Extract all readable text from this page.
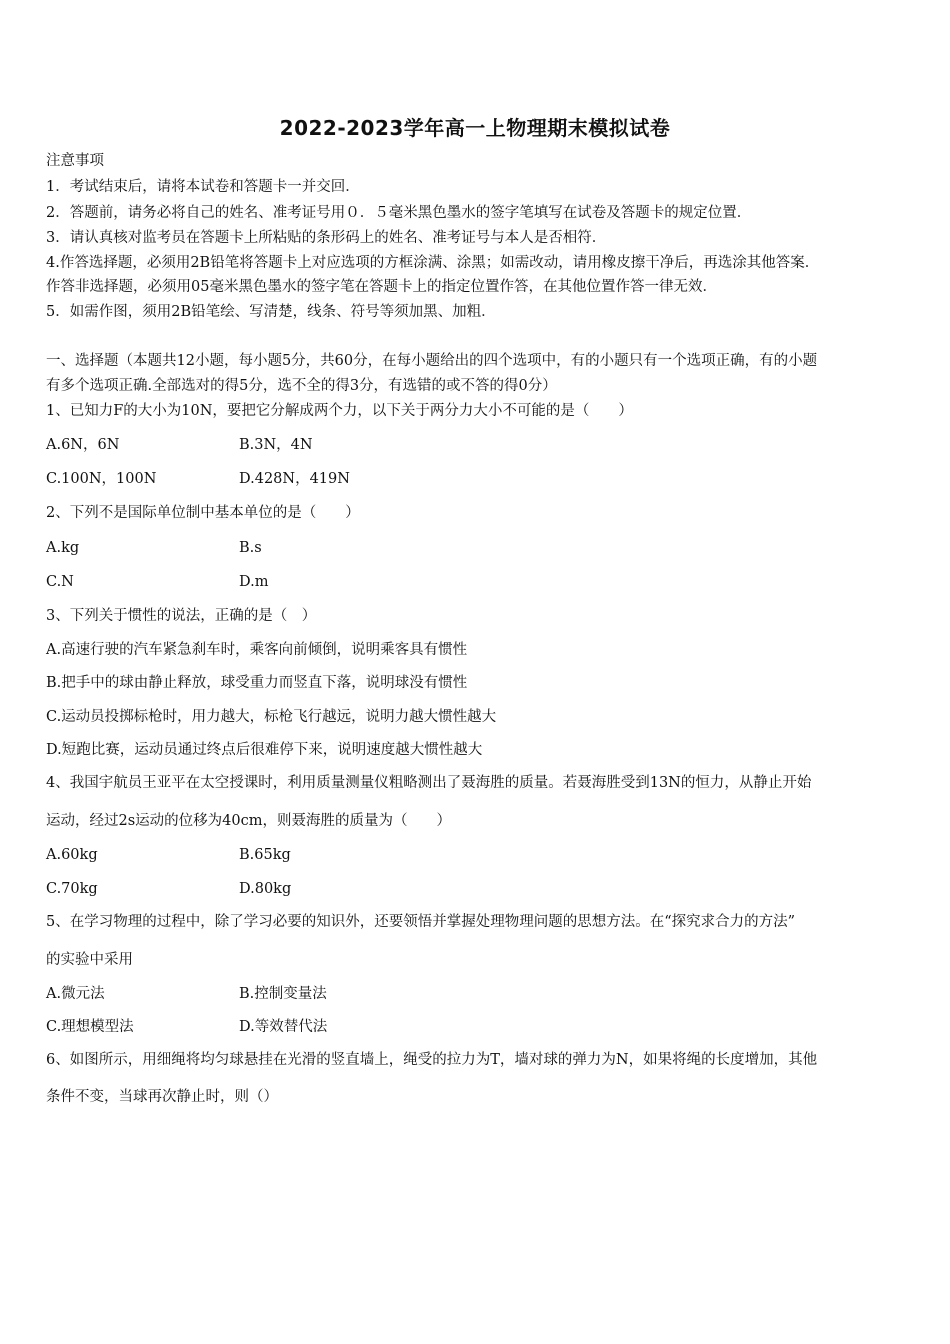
2022-2023学年高一上物理期末模拟试卷
注意事项
1．考试结束后，请将本试卷和答题卡一并交回．
2．答题前，请务必将自己的姓名、准考证号用０．５毫米黑色墨水的签字笔填写在试卷及答题卡的规定位置．
3．请认真核对监考员在答题卡上所粘贴的条形码上的姓名、准考证号与本人是否相符．
4.作答选择题，必须用2B铅笔将答题卡上对应选项的方框涂满、涂黑；如需改动，请用橡皮擦干净后，再选涂其他答案．
作答非选择题，必须用05毫米黑色墨水的签字笔在答题卡上的指定位置作答，在其他位置作答一律无效．
5．如需作图，须用2B铅笔绘、写清楚，线条、符号等须加黑、加粗．
一、选择题（本题共12小题，每小题5分，共60分，在每小题给出的四个选项中，有的小题只有一个选项正确，有的小题
有多个选项正确.全部选对的得5分，选不全的得3分，有选错的或不答的得0分）
1、已知力F的大小为10N，要把它分解成两个力，以下关于两分力大小不可能的是（　　）
A.6N，6N	B.3N，4N
C.100N，100N	D.428N，419N
2、下列不是国际单位制中基本单位的是（　　）
A.kg	B.s
C.N	D.m
3、下列关于惯性的说法，正确的是（　）
A.高速行驶的汽车紧急刹车时，乘客向前倾倒，说明乘客具有惯性
B.把手中的球由静止释放，球受重力而竖直下落，说明球没有惯性
C.运动员投掷标枪时，用力越大，标枪飞行越远，说明力越大惯性越大
D.短跑比赛，运动员通过终点后很难停下来，说明速度越大惯性越大
4、我国宇航员王亚平在太空授课时，利用质量测量仪粗略测出了聂海胜的质量。若聂海胜受到13N的恒力，从静止开始
运动，经过2s运动的位移为40cm，则聂海胜的质量为（　　）
A.60kg	B.65kg
C.70kg	D.80kg
5、在学习物理的过程中，除了学习必要的知识外，还要领悟并掌握处理物理问题的思想方法。在“探究求合力的方法”
的实验中采用
A.微元法	B.控制变量法
C.理想模型法	D.等效替代法
6、如图所示，用细绳将均匀球悬挂在光滑的竖直墙上，绳受的拉力为T，墙对球的弹力为N，如果将绳的长度增加，其他
条件不变，当球再次静止时，则（）
